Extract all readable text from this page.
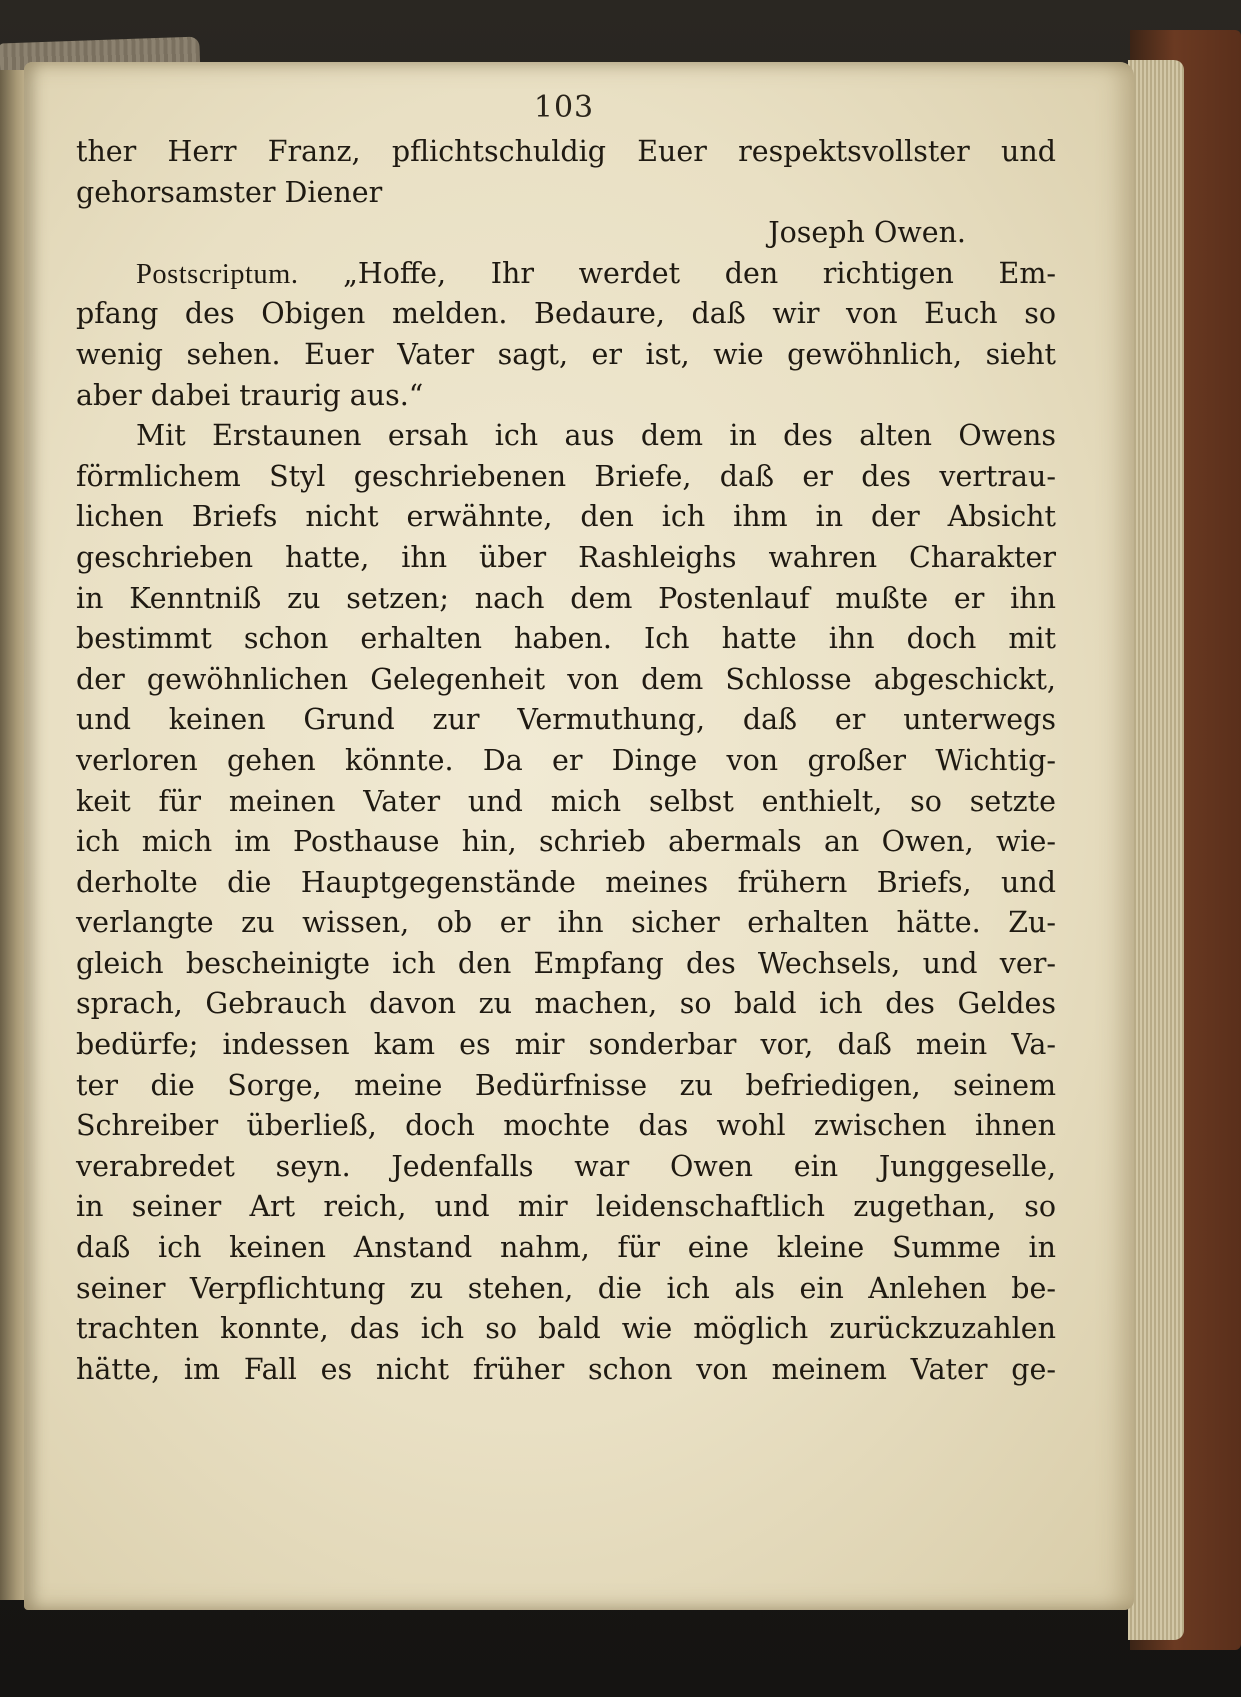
103
ther Herr Franz, pflichtschuldig Euer respektsvollster und
gehorsamster Diener
Joseph Owen.
Postscriptum. „Hoffe, Ihr werdet den richtigen Em-
pfang des Obigen melden. Bedaure, daß wir von Euch so
wenig sehen. Euer Vater sagt, er ist, wie gewöhnlich, sieht
aber dabei traurig aus.“
Mit Erstaunen ersah ich aus dem in des alten Owens
förmlichem Styl geschriebenen Briefe, daß er des vertrau-
lichen Briefs nicht erwähnte, den ich ihm in der Absicht
geschrieben hatte, ihn über Rashleighs wahren Charakter
in Kenntniß zu setzen; nach dem Postenlauf mußte er ihn
bestimmt schon erhalten haben. Ich hatte ihn doch mit
der gewöhnlichen Gelegenheit von dem Schlosse abgeschickt,
und keinen Grund zur Vermuthung, daß er unterwegs
verloren gehen könnte. Da er Dinge von großer Wichtig-
keit für meinen Vater und mich selbst enthielt, so setzte
ich mich im Posthause hin, schrieb abermals an Owen, wie-
derholte die Hauptgegenstände meines frühern Briefs, und
verlangte zu wissen, ob er ihn sicher erhalten hätte. Zu-
gleich bescheinigte ich den Empfang des Wechsels, und ver-
sprach, Gebrauch davon zu machen, so bald ich des Geldes
bedürfe; indessen kam es mir sonderbar vor, daß mein Va-
ter die Sorge, meine Bedürfnisse zu befriedigen, seinem
Schreiber überließ, doch mochte das wohl zwischen ihnen
verabredet seyn. Jedenfalls war Owen ein Junggeselle,
in seiner Art reich, und mir leidenschaftlich zugethan, so
daß ich keinen Anstand nahm, für eine kleine Summe in
seiner Verpflichtung zu stehen, die ich als ein Anlehen be-
trachten konnte, das ich so bald wie möglich zurückzuzahlen
hätte, im Fall es nicht früher schon von meinem Vater ge-
